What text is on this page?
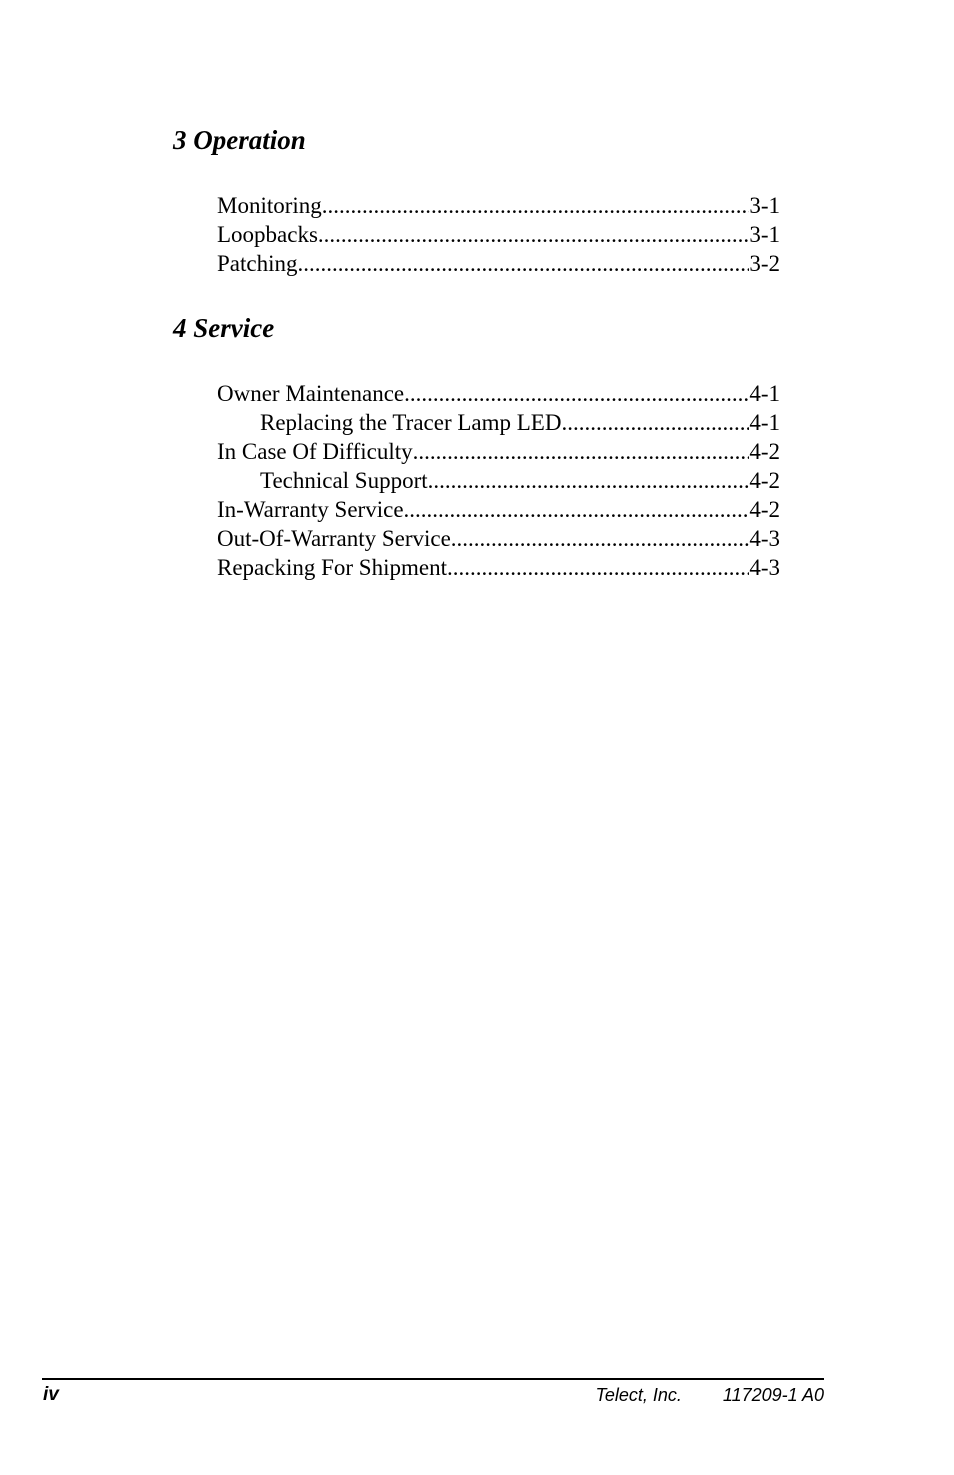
3 Operation
Monitoring .....	3-1
Loopbacks .....	3-1
Patching .....	3-2
4 Service
Owner Maintenance .....	4-1
Replacing the Tracer Lamp LED .....	4-1
In Case Of Difficulty .....	4-2
Technical Support .....	4-2
In-Warranty Service .....	4-2
Out-Of-Warranty Service .....	4-3
Repacking For Shipment .....	4-3
iv	Telect, Inc. 117209-1 A0
